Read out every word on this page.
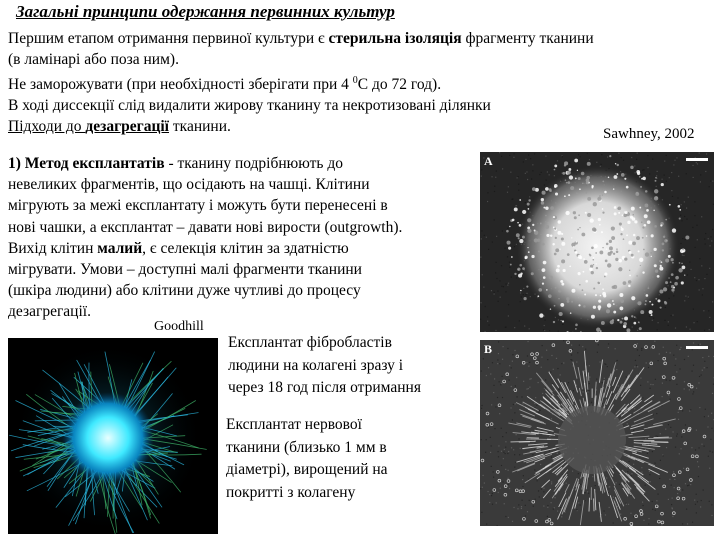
Загальні принципи одержання первинних культур

Першим етапом отримання первиної культури є стерильна ізоляція фрагменту тканини

(в ламінарі або поза ним).

Не заморожувати (при необхідності зберігати при 4 $^0$С до 72 год).

В ході диссекції слід видалити жирову тканину та некротизовані ділянки

Підходи до дезагрегації тканини.	Sawhney, 2002

1) Метод експлантатів - тканину подрібнюють до

невеликих фрагментів, що осідають на чашці. Клітини

мігрують за межі експлантату і можуть бути перенесені в

нові чашки, а експлантат – давати нові вирости (outgrowth).

Вихід клітин малий, є селекція клітин за здатністю

мігрувати. Умови – доступні малі фрагменти тканини

(шкіра людини) або клітини дуже чутливі до процесу

дезагрегації.

Goodhill

Експлантат фібробластів

людини на колагені зразу і

через 18 год після отримання

Експлантат нервової

тканини (близько 1 мм в

діаметрі), вирощений на

покритті з колагену

A
B
